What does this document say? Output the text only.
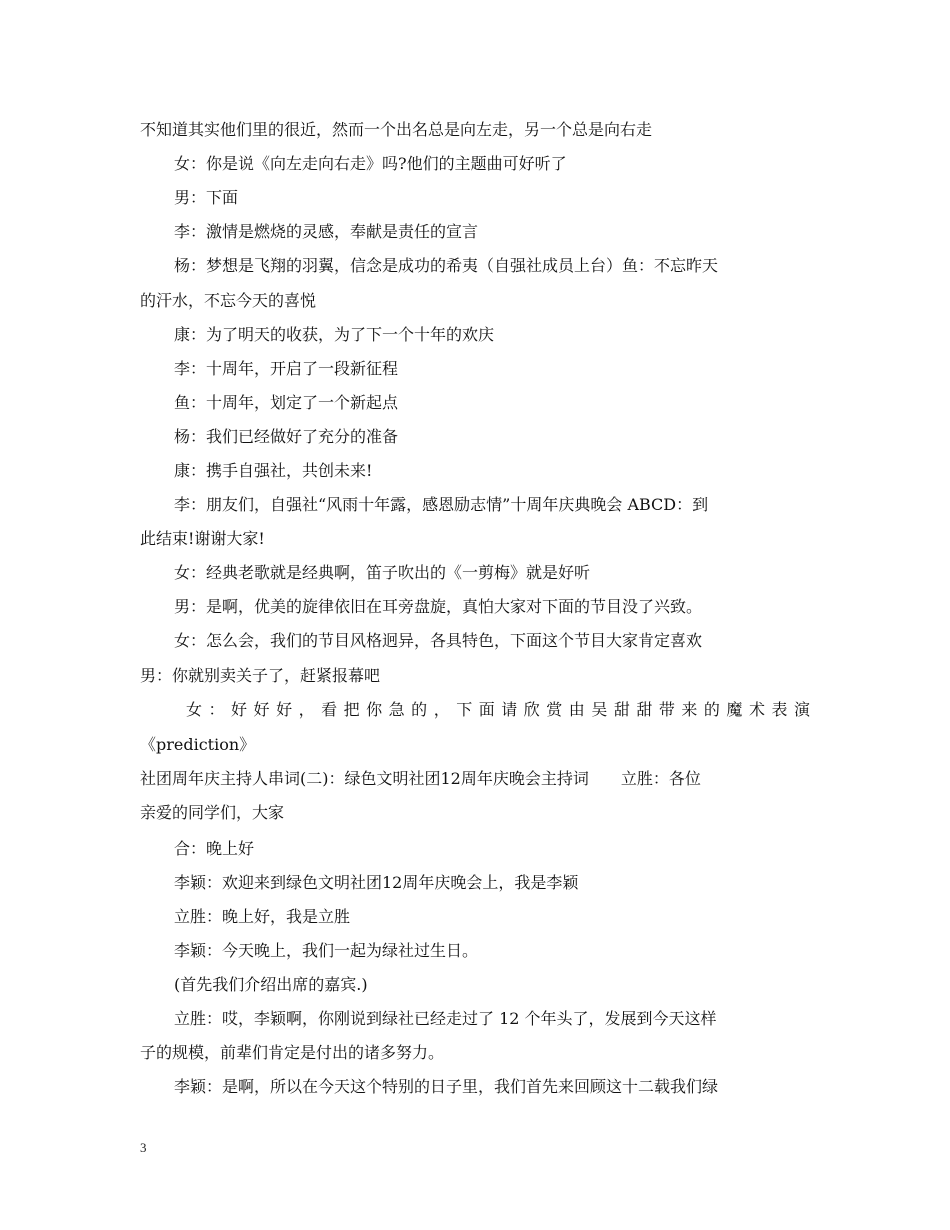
不知道其实他们里的很近，然而一个出名总是向左走，另一个总是向右走
女：你是说《向左走向右走》吗?他们的主题曲可好听了
男：下面
李：激情是燃烧的灵感，奉献是责任的宣言
杨：梦想是飞翔的羽翼，信念是成功的希夷（自强社成员上台）鱼：不忘昨天
的汗水，不忘今天的喜悦
康：为了明天的收获，为了下一个十年的欢庆
李：十周年，开启了一段新征程
鱼：十周年，划定了一个新起点
杨：我们已经做好了充分的准备
康：携手自强社，共创未来!
李：朋友们，自强社“风雨十年露，感恩励志情”十周年庆典晚会 ABCD：到
此结束!谢谢大家!
女：经典老歌就是经典啊，笛子吹出的《一剪梅》就是好听
男：是啊，优美的旋律依旧在耳旁盘旋，真怕大家对下面的节目没了兴致。
女：怎么会，我们的节目风格迥异，各具特色，下面这个节目大家肯定喜欢
男：你就别卖关子了，赶紧报幕吧
女：好好好，看把你急的，下面请欣赏由吴甜甜带来的魔术表演
《prediction》
社团周年庆主持人串词(二)：绿色文明社团12周年庆晚会主持词　　立胜：各位
亲爱的同学们，大家
合：晚上好
李颖：欢迎来到绿色文明社团12周年庆晚会上，我是李颖
立胜：晚上好，我是立胜
李颖：今天晚上，我们一起为绿社过生日。
(首先我们介绍出席的嘉宾.)
立胜：哎，李颖啊，你刚说到绿社已经走过了 12 个年头了，发展到今天这样
子的规模，前辈们肯定是付出的诸多努力。
李颖：是啊，所以在今天这个特别的日子里，我们首先来回顾这十二载我们绿
3
